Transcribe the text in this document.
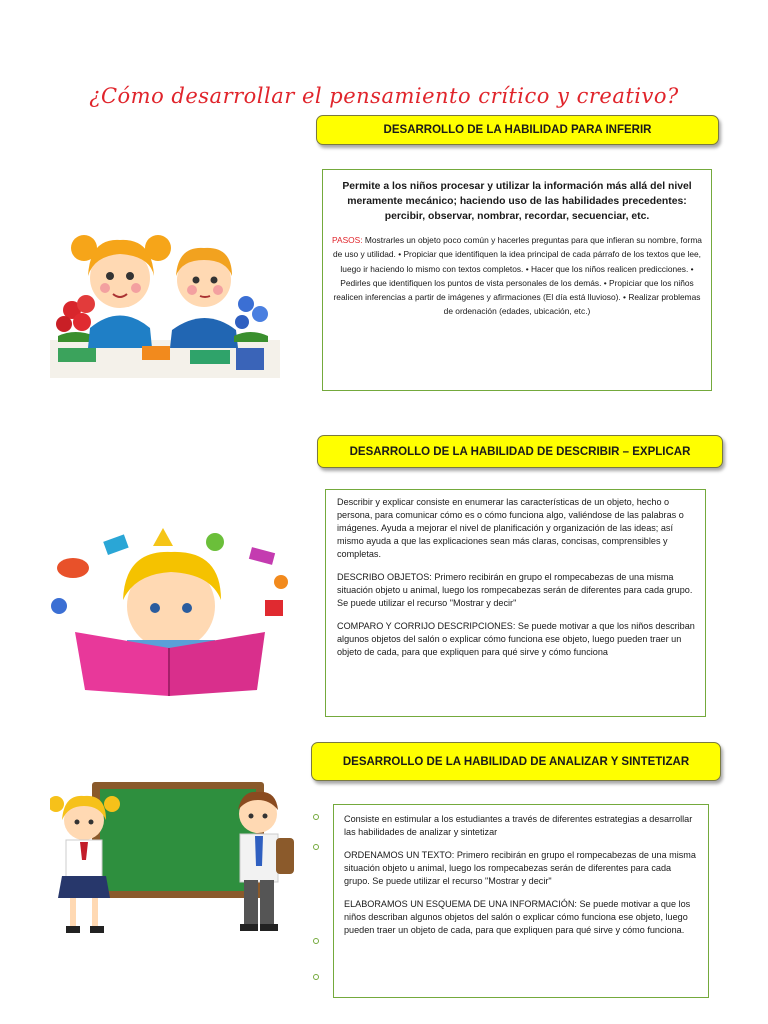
¿Cómo desarrollar el pensamiento crítico y creativo?
DESARROLLO DE LA HABILIDAD PARA INFERIR
Permite a los niños procesar y utilizar la información más allá del nivel meramente mecánico; haciendo uso de las habilidades precedentes: percibir, observar, nombrar, recordar, secuenciar, etc.
PASOS: Mostrarles un objeto poco común y hacerles preguntas para que infieran su nombre, forma de uso y utilidad. • Propiciar que identifiquen la idea principal de cada párrafo de los textos que lee, luego ir haciendo lo mismo con textos completos. • Hacer que los niños realicen predicciones. • Pedirles que identifiquen los puntos de vista personales de los demás. • Propiciar que los niños realicen inferencias a partir de imágenes y afirmaciones (El día está lluvioso). • Realizar problemas de ordenación (edades, ubicación, etc.)
DESARROLLO DE LA HABILIDAD DE DESCRIBIR – EXPLICAR
Describir y explicar consiste en enumerar las características de un objeto, hecho o persona, para comunicar cómo es o cómo funciona algo, valiéndose de las palabras o imágenes. Ayuda a mejorar el nivel de planificación y organización de las ideas; así mismo ayuda a que las explicaciones sean más claras, concisas, comprensibles y completas.
DESCRIBO OBJETOS: Primero recibirán en grupo el rompecabezas de una misma situación objeto u animal, luego los rompecabezas serán de diferentes para cada grupo. Se puede utilizar el recurso "Mostrar y decir"
COMPARO Y CORRIJO DESCRIPCIONES: Se puede motivar a que los niños describan algunos objetos del salón o explicar cómo funciona ese objeto, luego pueden traer un objeto de cada, para que expliquen para qué sirve y cómo funciona
DESARROLLO DE LA HABILIDAD DE ANALIZAR Y SINTETIZAR
Consiste en estimular a los estudiantes a través de diferentes estrategias a desarrollar las habilidades de analizar y sintetizar
ORDENAMOS UN TEXTO: Primero recibirán en grupo el rompecabezas de una misma situación objeto u animal, luego los rompecabezas serán de diferentes para cada grupo. Se puede utilizar el recurso "Mostrar y decir"
ELABORAMOS UN ESQUEMA DE UNA INFORMACIÓN: Se puede motivar a que los niños describan algunos objetos del salón o explicar cómo funciona ese objeto, luego pueden traer un objeto de cada, para que expliquen para qué sirve y cómo funciona.
